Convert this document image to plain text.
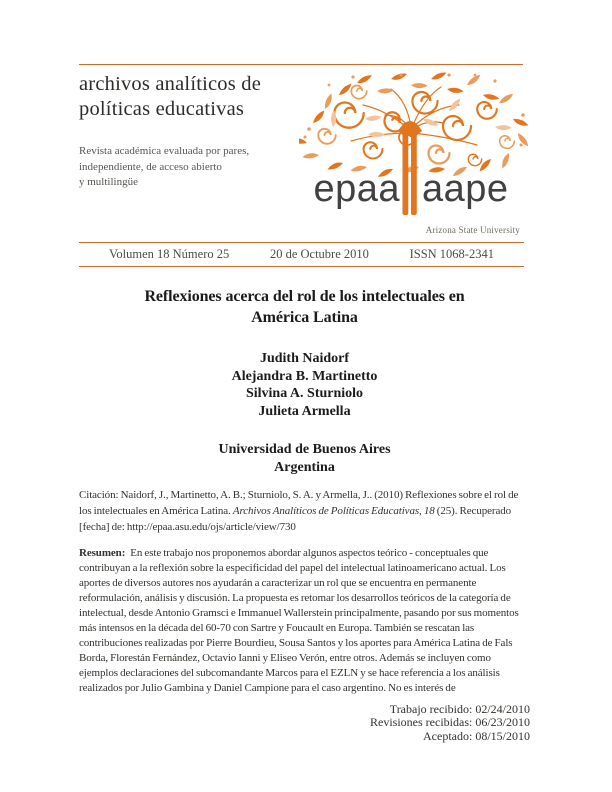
archivos analíticos de
políticas educativas
Revista académica evaluada por pares,
independiente, de acceso abierto
y multilingüe	epaa aape
Arizona State University
Volumen 18 Número 25	20 de Octubre 2010	ISSN 1068-2341
Reflexiones acerca del rol de los intelectuales en
América Latina
Judith Naidorf
Alejandra B. Martinetto
Silvina A. Sturniolo
Julieta Armella
Universidad de Buenos Aires
Argentina

Citación: Naidorf, J., Martinetto, A. B.; Sturniolo, S. A. y Armella, J.. (2010) Reflexiones sobre el rol de los intelectuales en América Latina. Archivos Analíticos de Políticas Educativas, 18 (25). Recuperado [fecha] de: http://epaa.asu.edu/ojs/article/view/730

Resumen: En este trabajo nos proponemos abordar algunos aspectos teórico - conceptuales que contribuyan a la reflexión sobre la especificidad del papel del intelectual latinoamericano actual. Los aportes de diversos autores nos ayudarán a caracterizar un rol que se encuentra en permanente reformulación, análisis y discusión. La propuesta es retomar los desarrollos teóricos de la categoría de intelectual, desde Antonio Gramsci e Immanuel Wallerstein principalmente, pasando por sus momentos más intensos en la década del 60-70 con Sartre y Foucault en Europa. También se rescatan las contribuciones realizadas por Pierre Bourdieu, Sousa Santos y los aportes para América Latina de Fals Borda, Florestán Fernández, Octavio Ianni y Eliseo Verón, entre otros. Además se incluyen como ejemplos declaraciones del subcomandante Marcos para el EZLN y se hace referencia a los análisis realizados por Julio Gambina y Daniel Campione para el caso argentino. No es interés de

Trabajo recibido: 02/24/2010
Revisiones recibidas: 06/23/2010
Aceptado: 08/15/2010
